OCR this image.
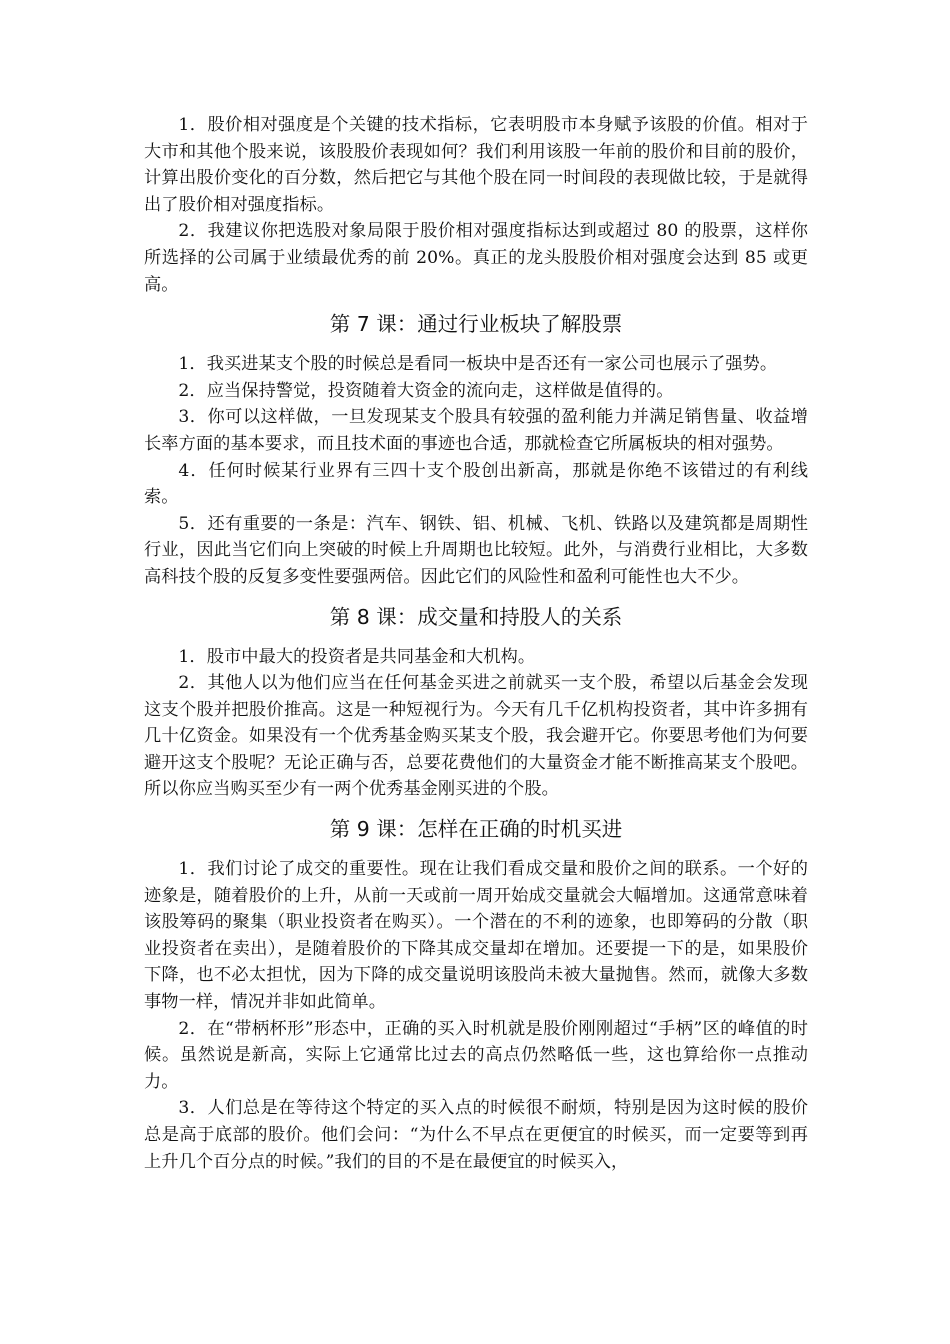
1．股价相对强度是个关键的技术指标，它表明股市本身赋予该股的价值。相对于大市和其他个股来说，该股股价表现如何？我们利用该股一年前的股价和目前的股价，计算出股价变化的百分数，然后把它与其他个股在同一时间段的表现做比较，于是就得出了股价相对强度指标。

2．我建议你把选股对象局限于股价相对强度指标达到或超过 80 的股票，这样你所选择的公司属于业绩最优秀的前 20%。真正的龙头股股价相对强度会达到 85 或更高。

第 7 课：通过行业板块了解股票

1．我买进某支个股的时候总是看同一板块中是否还有一家公司也展示了强势。

2．应当保持警觉，投资随着大资金的流向走，这样做是值得的。

3．你可以这样做，一旦发现某支个股具有较强的盈利能力并满足销售量、收益增长率方面的基本要求，而且技术面的事迹也合适，那就检查它所属板块的相对强势。

4．任何时候某行业界有三四十支个股创出新高，那就是你绝不该错过的有利线索。

5．还有重要的一条是：汽车、钢铁、铝、机械、飞机、铁路以及建筑都是周期性行业，因此当它们向上突破的时候上升周期也比较短。此外，与消费行业相比，大多数高科技个股的反复多变性要强两倍。因此它们的风险性和盈利可能性也大不少。

第 8 课：成交量和持股人的关系

1．股市中最大的投资者是共同基金和大机构。

2．其他人以为他们应当在任何基金买进之前就买一支个股，希望以后基金会发现这支个股并把股价推高。这是一种短视行为。今天有几千亿机构投资者，其中许多拥有几十亿资金。如果没有一个优秀基金购买某支个股，我会避开它。你要思考他们为何要避开这支个股呢？无论正确与否，总要花费他们的大量资金才能不断推高某支个股吧。所以你应当购买至少有一两个优秀基金刚买进的个股。

第 9 课：怎样在正确的时机买进

1．我们讨论了成交的重要性。现在让我们看成交量和股价之间的联系。一个好的迹象是，随着股价的上升，从前一天或前一周开始成交量就会大幅增加。这通常意味着该股筹码的聚集（职业投资者在购买）。一个潜在的不利的迹象，也即筹码的分散（职业投资者在卖出），是随着股价的下降其成交量却在增加。还要提一下的是，如果股价下降，也不必太担忧，因为下降的成交量说明该股尚未被大量抛售。然而，就像大多数事物一样，情况并非如此简单。

2．在“带柄杯形”形态中，正确的买入时机就是股价刚刚超过“手柄”区的峰值的时候。虽然说是新高，实际上它通常比过去的高点仍然略低一些，这也算给你一点推动力。

3．人们总是在等待这个特定的买入点的时候很不耐烦，特别是因为这时候的股价总是高于底部的股价。他们会问：“为什么不早点在更便宜的时候买，而一定要等到再上升几个百分点的时候。”我们的目的不是在最便宜的时候买入，
